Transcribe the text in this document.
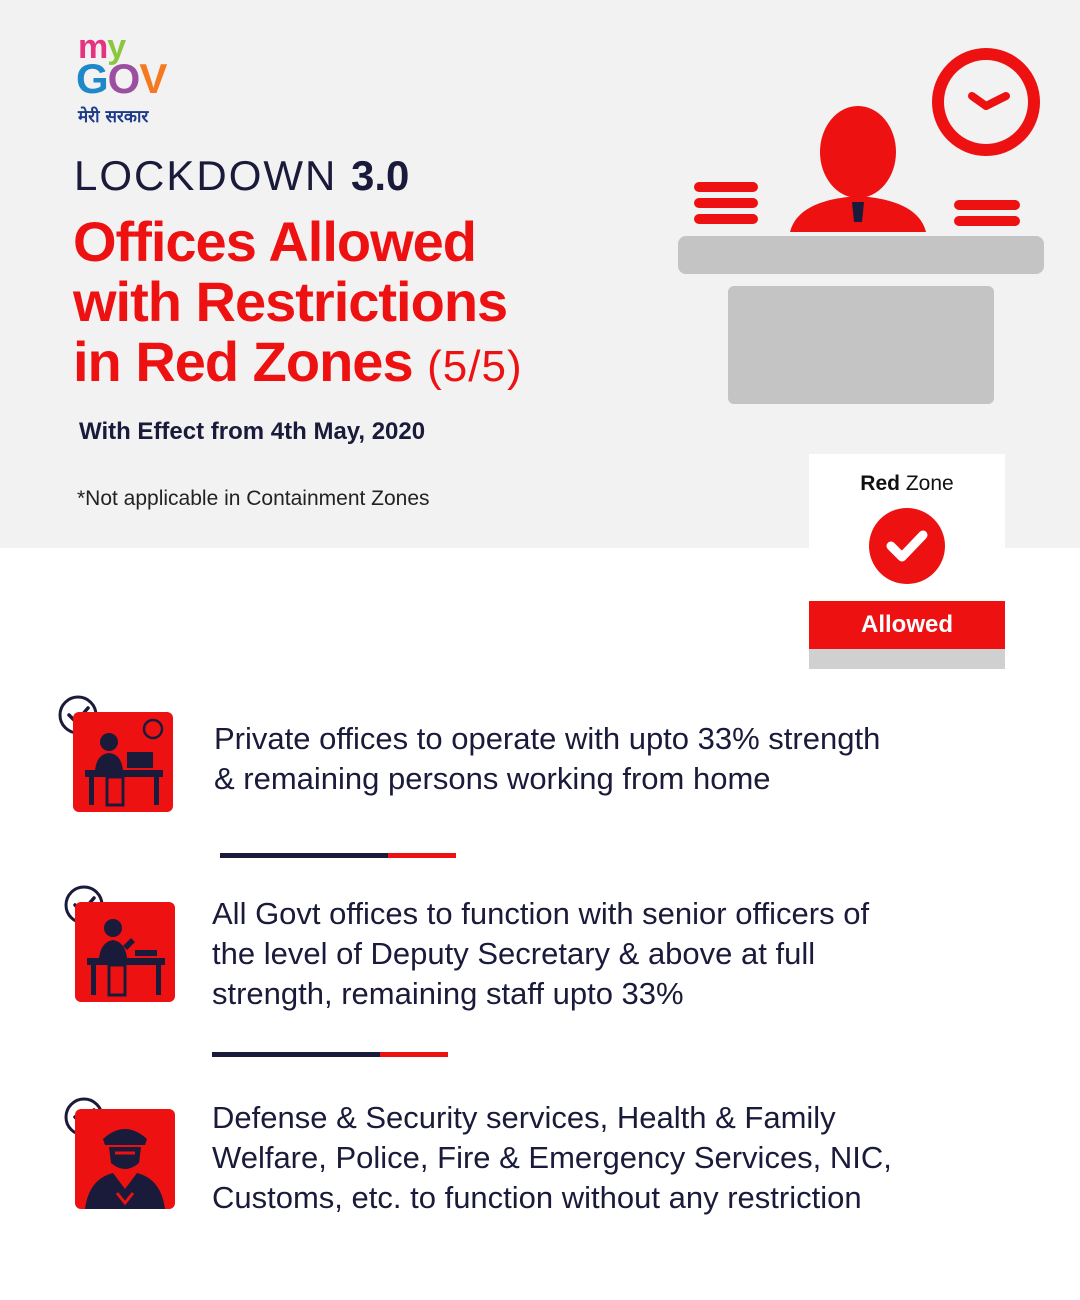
my
GOV
मेरी सरकार
LOCKDOWN 3.0
Offices Allowed
with Restrictions
in Red Zones (5/5)
With Effect from 4th May, 2020
*Not applicable in Containment Zones
Red Zone
Allowed
Private offices to operate with upto 33% strength
& remaining persons working from home
All Govt offices to function with senior officers of
the level of Deputy Secretary & above at full
strength, remaining staff upto 33%
Defense & Security services, Health & Family
Welfare, Police, Fire & Emergency Services, NIC,
Customs, etc. to function without any restriction
